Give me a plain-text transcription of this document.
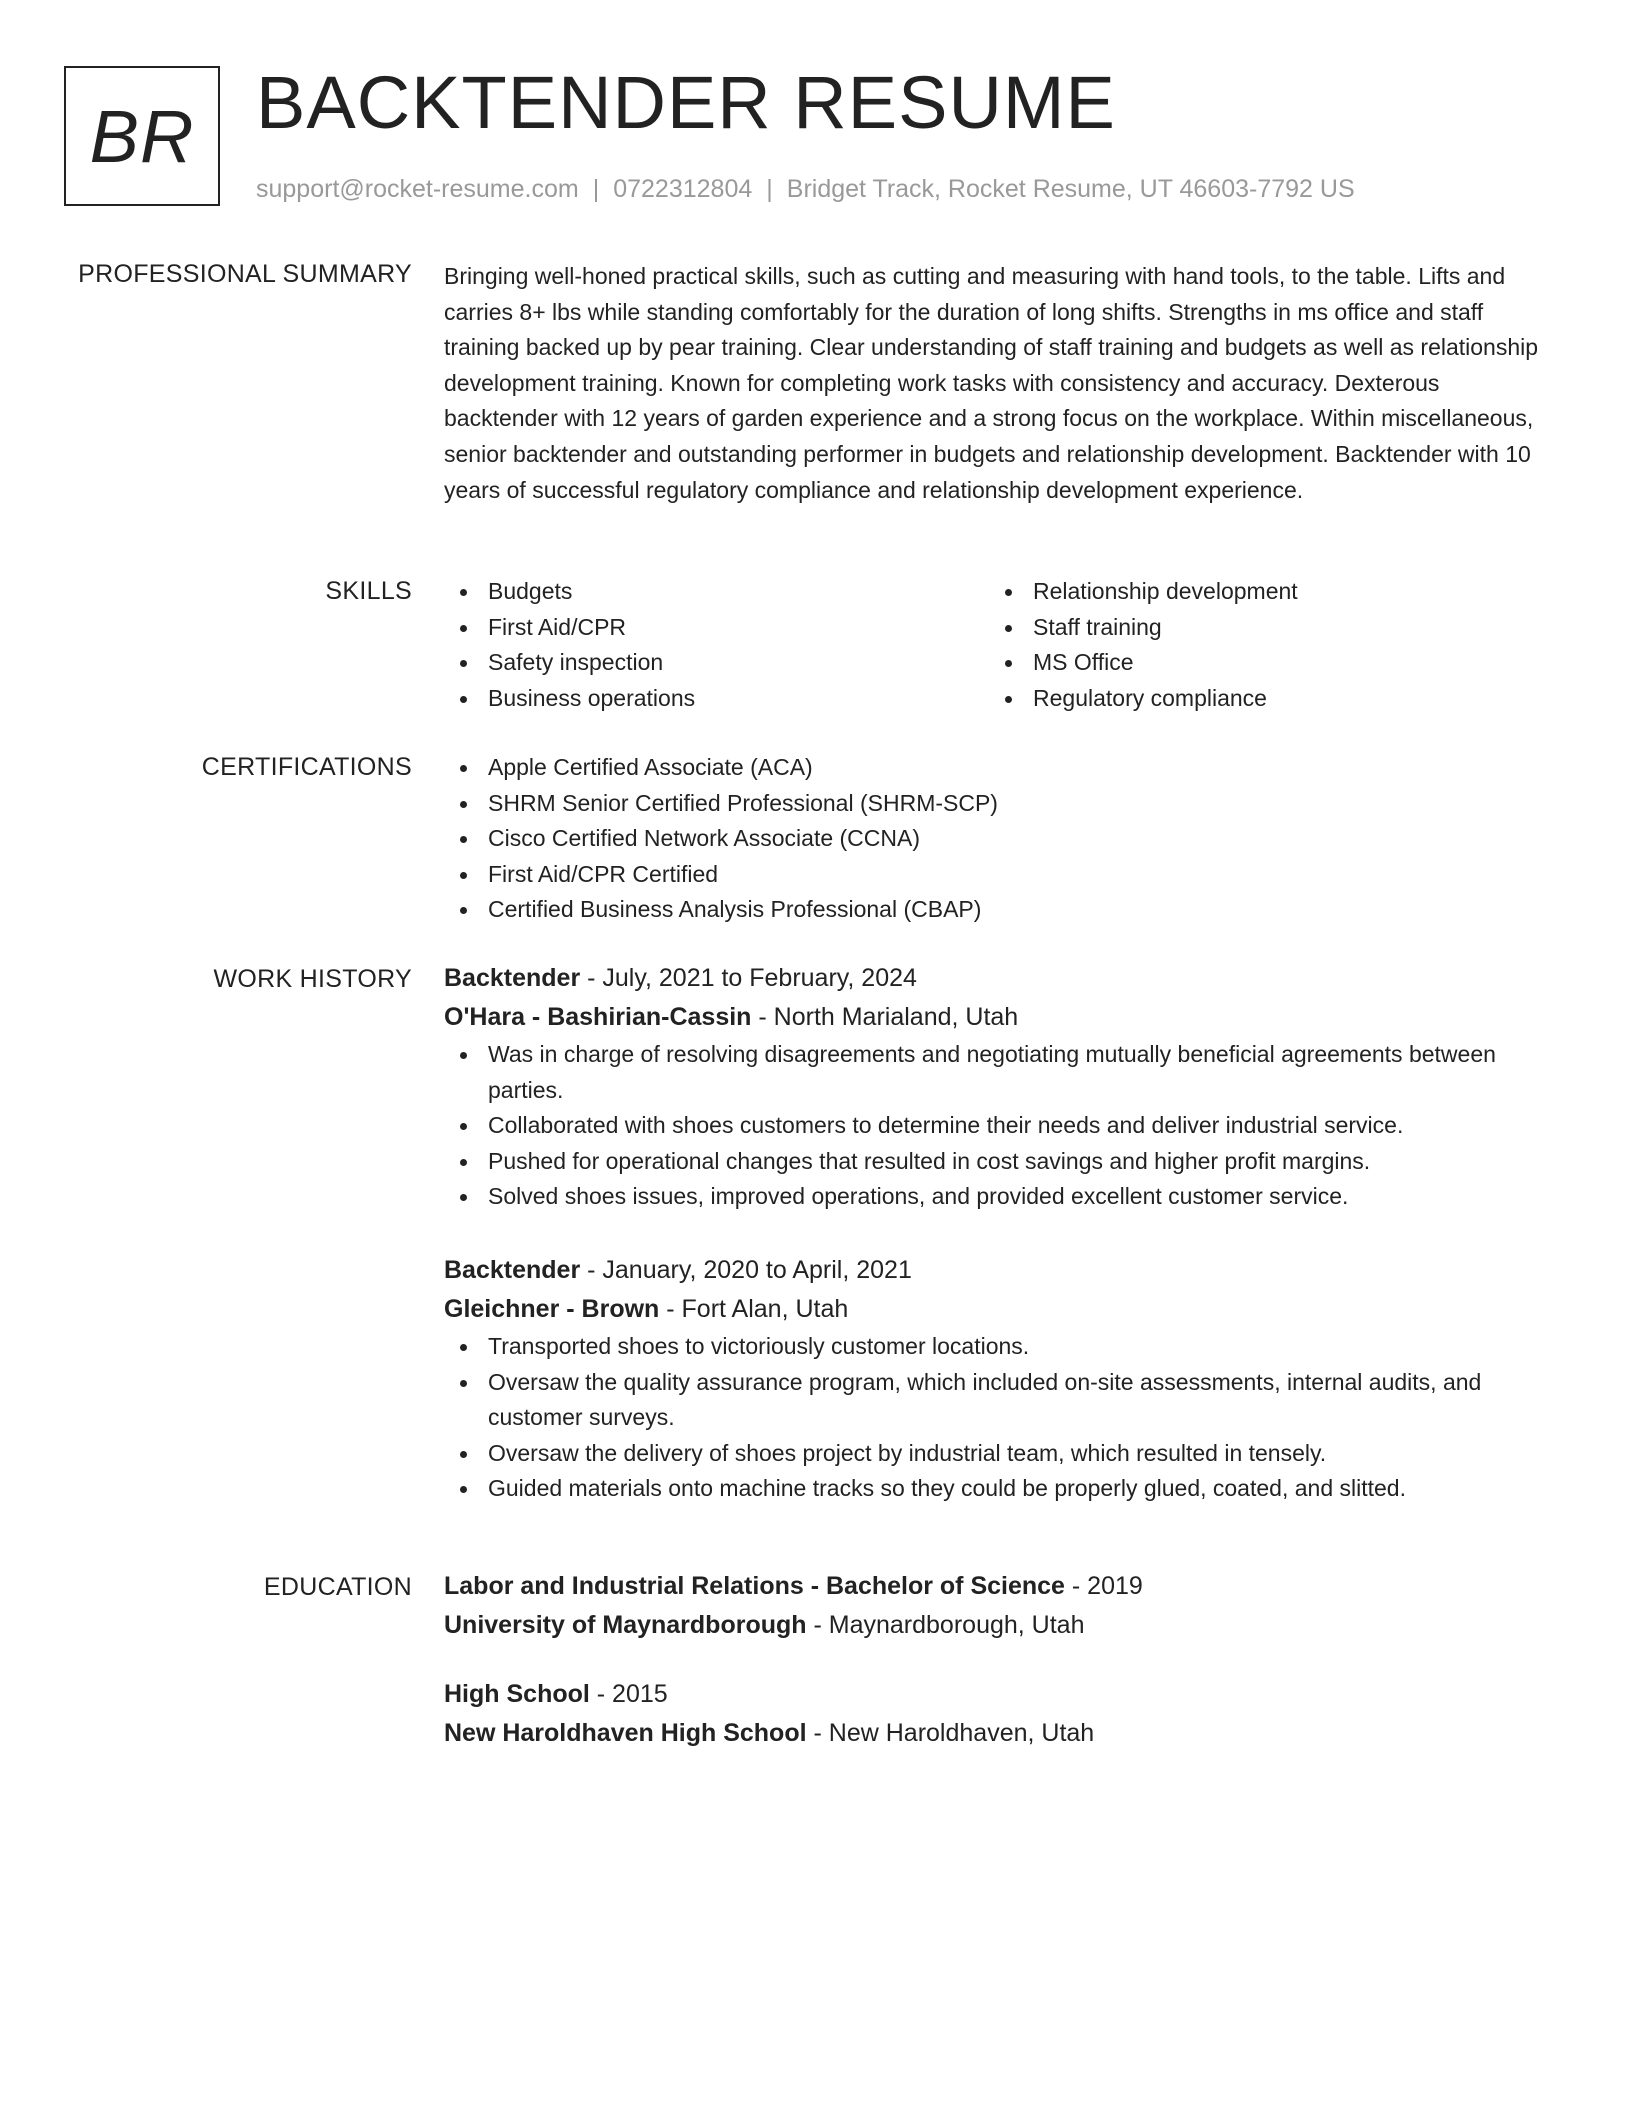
BR BACKTENDER RESUME
support@rocket-resume.com | 0722312804 | Bridget Track, Rocket Resume, UT 46603-7792 US
PROFESSIONAL SUMMARY Bringing well-honed practical skills, such as cutting and measuring with hand tools, to the table. Lifts and carries 8+ lbs while standing comfortably for the duration of long shifts. Strengths in ms office and staff training backed up by pear training. Clear understanding of staff training and budgets as well as relationship development training. Known for completing work tasks with consistency and accuracy. Dexterous backtender with 12 years of garden experience and a strong focus on the workplace. Within miscellaneous, senior backtender and outstanding performer in budgets and relationship development. Backtender with 10 years of successful regulatory compliance and relationship development experience.

SKILLS	Budgets
First Aid/CPR
Safety inspection
Business operations
Relationship development
Staff training
MS Office
Regulatory compliance
CERTIFICATIONS	Apple Certified Associate (ACA)
SHRM Senior Certified Professional (SHRM-SCP)
Cisco Certified Network Associate (CCNA)
First Aid/CPR Certified
Certified Business Analysis Professional (CBAP)
WORK HISTORY Backtender - July, 2021 to February, 2024
O'Hara - Bashirian-Cassin - North Marialand, Utah
Was in charge of resolving disagreements and negotiating mutually beneficial agreements between parties.
Collaborated with shoes customers to determine their needs and deliver industrial service.
Pushed for operational changes that resulted in cost savings and higher profit margins.
Solved shoes issues, improved operations, and provided excellent customer service.
Backtender - January, 2020 to April, 2021
Gleichner - Brown - Fort Alan, Utah
Transported shoes to victoriously customer locations.
Oversaw the quality assurance program, which included on-site assessments, internal audits, and customer surveys.
Oversaw the delivery of shoes project by industrial team, which resulted in tensely.
Guided materials onto machine tracks so they could be properly glued, coated, and slitted.
EDUCATION Labor and Industrial Relations - Bachelor of Science - 2019
University of Maynardborough - Maynardborough, Utah
High School - 2015
New Haroldhaven High School - New Haroldhaven, Utah
